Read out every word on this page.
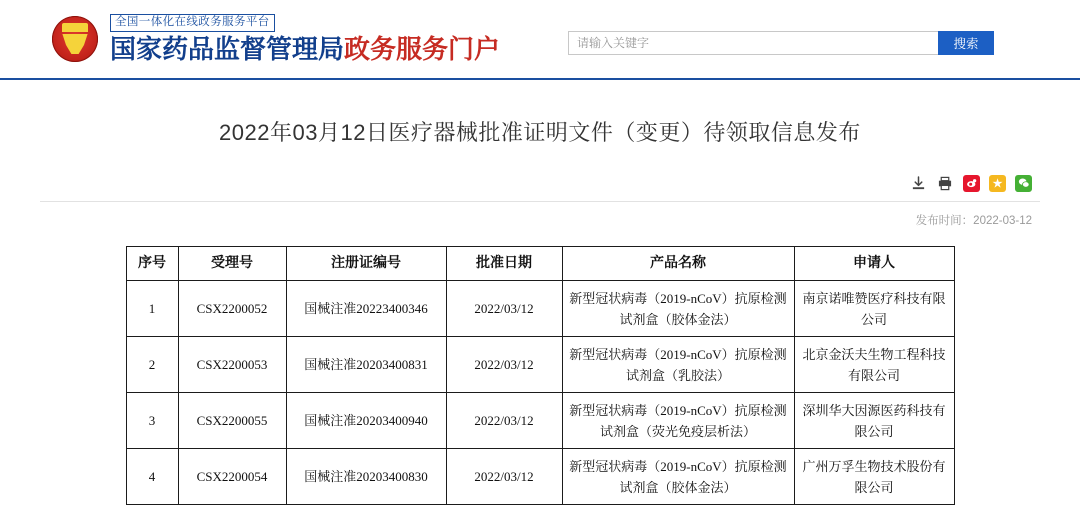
全国一体化在线政务服务平台
国家药品监督管理局政务服务门户
请输入关键字	搜索
2022年03月12日医疗器械批准证明文件（变更）待领取信息发布
★
发布时间：2022-03-12
序号	受理号	注册证编号	批准日期	产品名称	申请人
1	CSX2200052	国械注准20223400346	2022/03/12	新型冠状病毒（2019-nCoV）抗原检测试剂盒（胶体金法）	南京诺唯赞医疗科技有限公司
2	CSX2200053	国械注准20203400831	2022/03/12	新型冠状病毒（2019-nCoV）抗原检测试剂盒（乳胶法）	北京金沃夫生物工程科技有限公司
3	CSX2200055	国械注准20203400940	2022/03/12	新型冠状病毒（2019-nCoV）抗原检测试剂盒（荧光免疫层析法）	深圳华大因源医药科技有限公司
4	CSX2200054	国械注准20203400830	2022/03/12	新型冠状病毒（2019-nCoV）抗原检测试剂盒（胶体金法）	广州万孚生物技术股份有限公司
